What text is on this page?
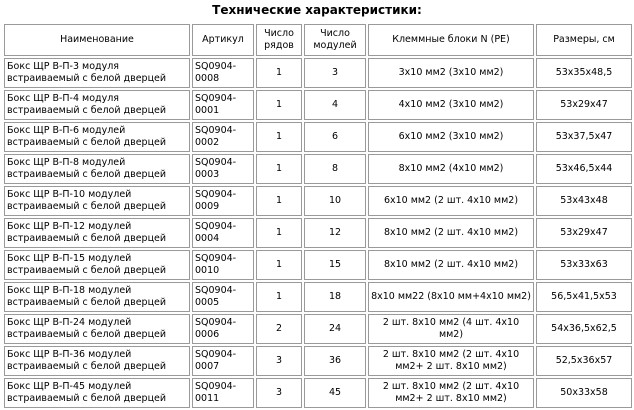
Технические характеристики:
Наименование	Артикул	Число рядов	Число модулей	Клеммные блоки N (PE)	Размеры, см
Бокс ЩР В-П-3 модуля встраиваемый с белой дверцей	SQ0904-0008	1	3	3x10 мм2 (3x10 мм2)	53x35x48,5
Бокс ЩР В-П-4 модуля встраиваемый с белой дверцей	SQ0904-0001	1	4	4x10 мм2 (3x10 мм2)	53x29x47
Бокс ЩР В-П-6 модулей встраиваемый с белой дверцей	SQ0904-0002	1	6	6x10 мм2 (3x10 мм2)	53x37,5x47
Бокс ЩР В-П-8 модулей встраиваемый с белой дверцей	SQ0904-0003	1	8	8x10 мм2 (4x10 мм2)	53x46,5x44
Бокс ЩР В-П-10 модулей встраиваемый с белой дверцей	SQ0904-0009	1	10	6x10 мм2 (2 шт. 4x10 мм2)	53x43x48
Бокс ЩР В-П-12 модулей встраиваемый с белой дверцей	SQ0904-0004	1	12	8x10 мм2 (2 шт. 4x10 мм2)	53x29x47
Бокс ЩР В-П-15 модулей встраиваемый с белой дверцей	SQ0904-0010	1	15	8x10 мм2 (2 шт. 4x10 мм2)	53x33x63
Бокс ЩР В-П-18 модулей встраиваемый с белой дверцей	SQ0904-0005	1	18	8x10 мм22 (8x10 мм+4x10 мм2)	56,5x41,5x53
Бокс ЩР В-П-24 модулей встраиваемый с белой дверцей	SQ0904-0006	2	24	2 шт. 8x10 мм2 (4 шт. 4x10 мм2)	54x36,5x62,5
Бокс ЩР В-П-36 модулей встраиваемый с белой дверцей	SQ0904-0007	3	36	2 шт. 8x10 мм2 (2 шт. 4x10 мм2+ 2 шт. 8x10 мм2)	52,5x36x57
Бокс ЩР В-П-45 модулей встраиваемый с белой дверцей	SQ0904-0011	3	45	2 шт. 8x10 мм2 (2 шт. 4x10 мм2+ 2 шт. 8x10 мм2)	50x33x58
